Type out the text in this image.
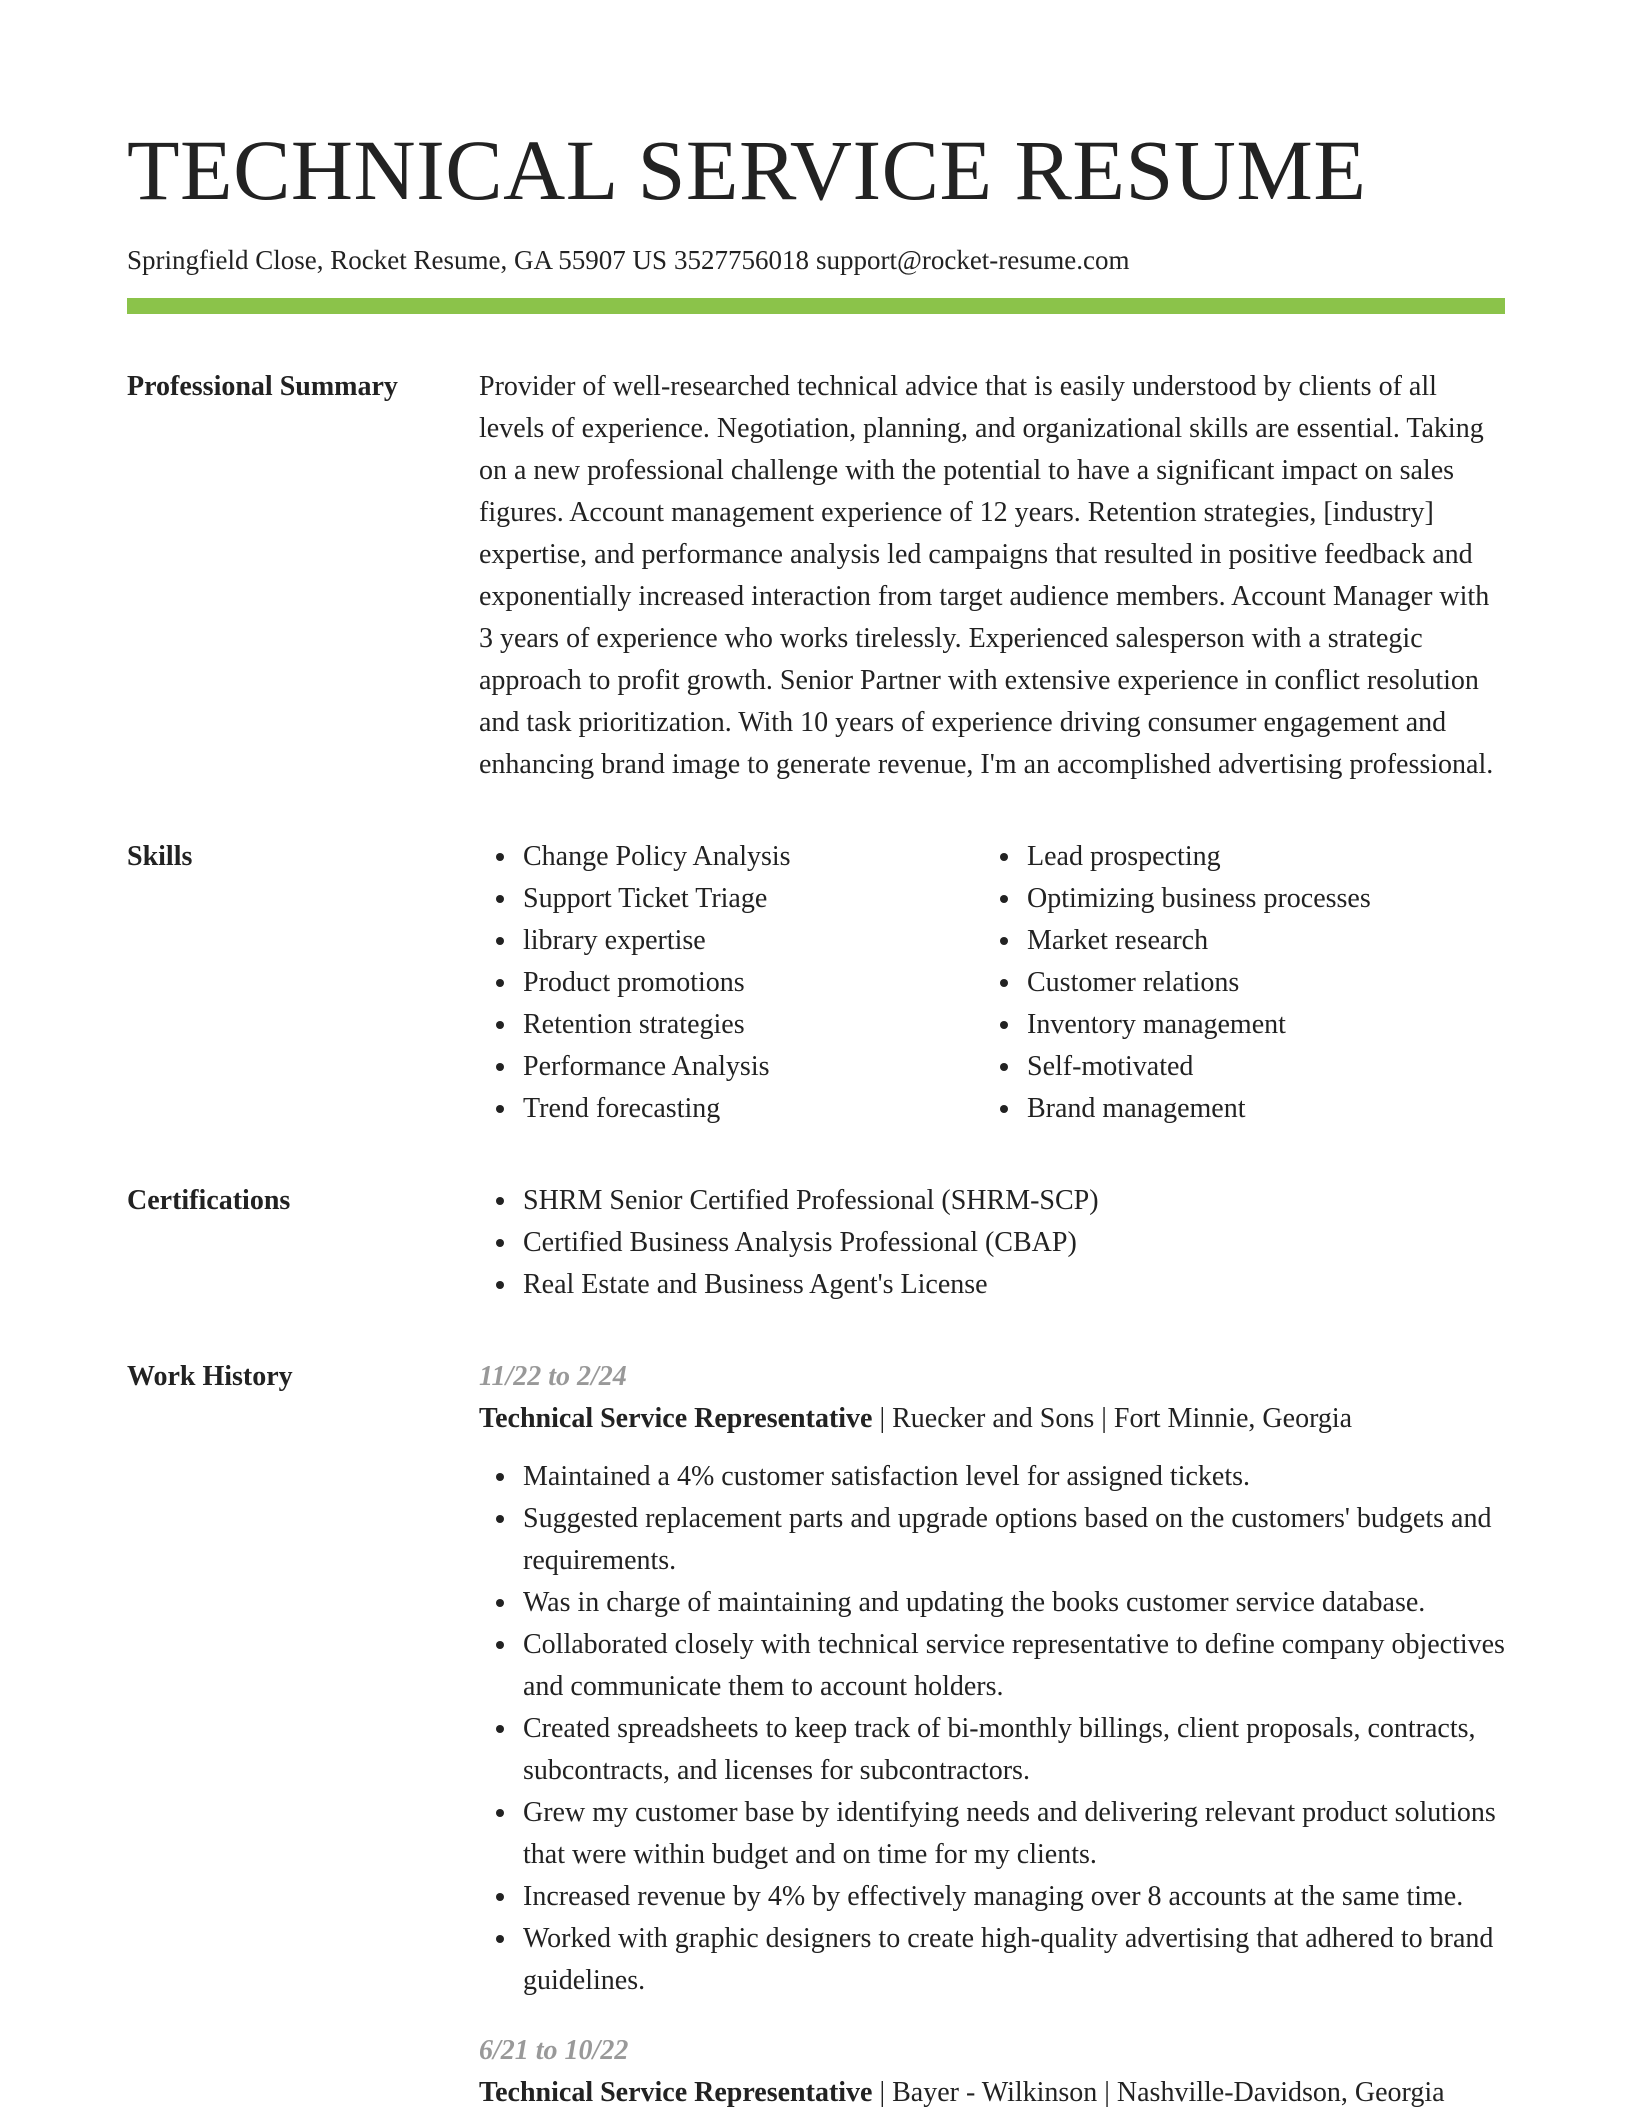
TECHNICAL SERVICE RESUME
Springfield Close, Rocket Resume, GA 55907 US 3527756018 support@rocket-resume.com
Professional Summary	Provider of well-researched technical advice that is easily understood by clients of all levels of experience. Negotiation, planning, and organizational skills are essential. Taking on a new professional challenge with the potential to have a significant impact on sales figures. Account management experience of 12 years. Retention strategies, [industry] expertise, and performance analysis led campaigns that resulted in positive feedback and exponentially increased interaction from target audience members. Account Manager with 3 years of experience who works tirelessly. Experienced salesperson with a strategic approach to profit growth. Senior Partner with extensive experience in conflict resolution and task prioritization. With 10 years of experience driving consumer engagement and enhancing brand image to generate revenue, I'm an accomplished advertising professional.

Skills	Change Policy Analysis
Support Ticket Triage
library expertise
Product promotions
Retention strategies
Performance Analysis
Trend forecasting
Lead prospecting
Optimizing business processes
Market research
Customer relations
Inventory management
Self-motivated
Brand management
Certifications	SHRM Senior Certified Professional (SHRM-SCP)
Certified Business Analysis Professional (CBAP)
Real Estate and Business Agent's License
Work History	11/22 to 2/24
Technical Service Representative | Ruecker and Sons | Fort Minnie, Georgia
Maintained a 4% customer satisfaction level for assigned tickets.
Suggested replacement parts and upgrade options based on the customers' budgets and requirements.
Was in charge of maintaining and updating the books customer service database.
Collaborated closely with technical service representative to define company objectives and communicate them to account holders.
Created spreadsheets to keep track of bi-monthly billings, client proposals, contracts, subcontracts, and licenses for subcontractors.
Grew my customer base by identifying needs and delivering relevant product solutions that were within budget and on time for my clients.
Increased revenue by 4% by effectively managing over 8 accounts at the same time.
Worked with graphic designers to create high-quality advertising that adhered to brand guidelines.
6/21 to 10/22
Technical Service Representative | Bayer - Wilkinson | Nashville-Davidson, Georgia
